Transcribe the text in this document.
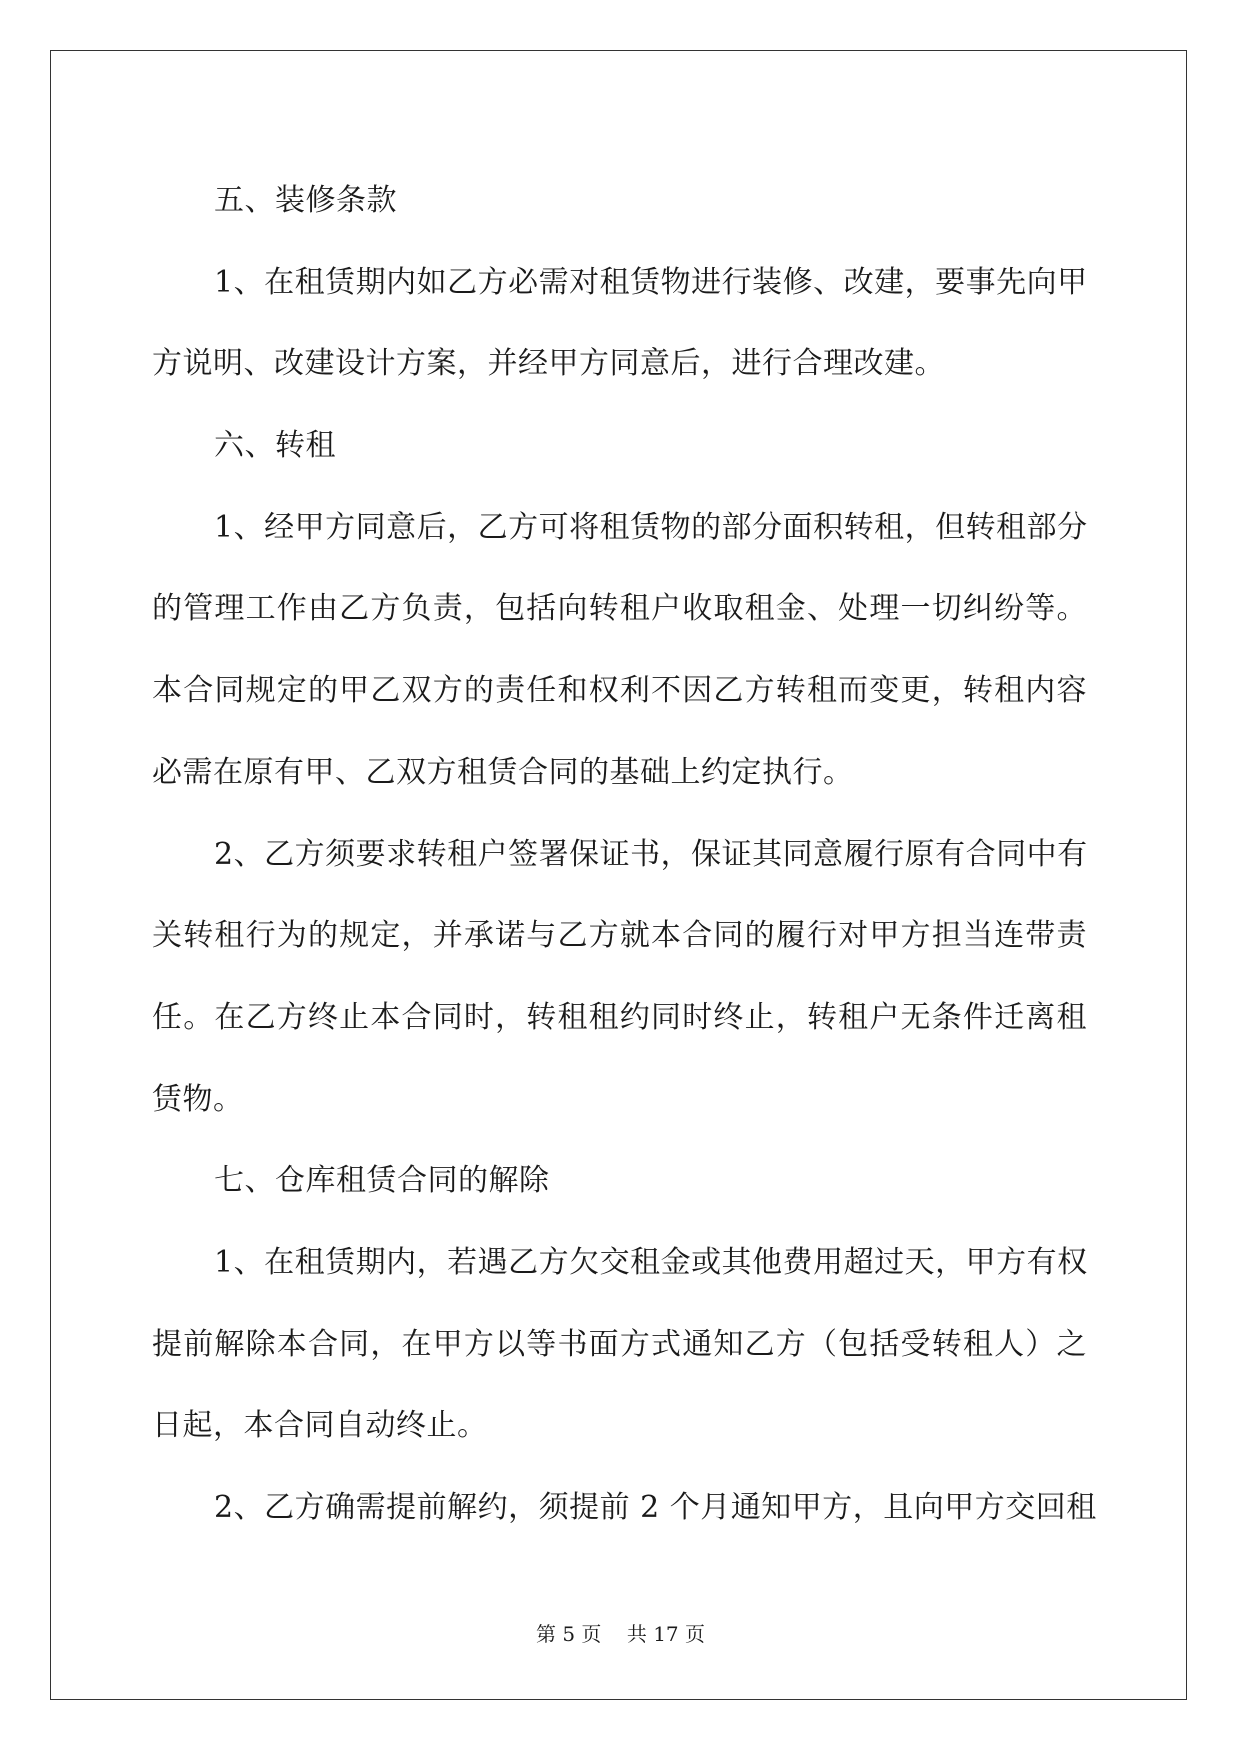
五、装修条款
1、在租赁期内如乙方必需对租赁物进行装修、改建，要事先向甲
方说明、改建设计方案，并经甲方同意后，进行合理改建。
六、转租
1、经甲方同意后，乙方可将租赁物的部分面积转租，但转租部分
的管理工作由乙方负责，包括向转租户收取租金、处理一切纠纷等。
本合同规定的甲乙双方的责任和权利不因乙方转租而变更，转租内容
必需在原有甲、乙双方租赁合同的基础上约定执行。
2、乙方须要求转租户签署保证书，保证其同意履行原有合同中有
关转租行为的规定，并承诺与乙方就本合同的履行对甲方担当连带责
任。在乙方终止本合同时，转租租约同时终止，转租户无条件迁离租
赁物。
七、仓库租赁合同的解除
1、在租赁期内，若遇乙方欠交租金或其他费用超过天，甲方有权
提前解除本合同，在甲方以等书面方式通知乙方（包括受转租人）之
日起，本合同自动终止。
2、乙方确需提前解约，须提前 2 个月通知甲方，且向甲方交回租
第 5 页    共 17 页
